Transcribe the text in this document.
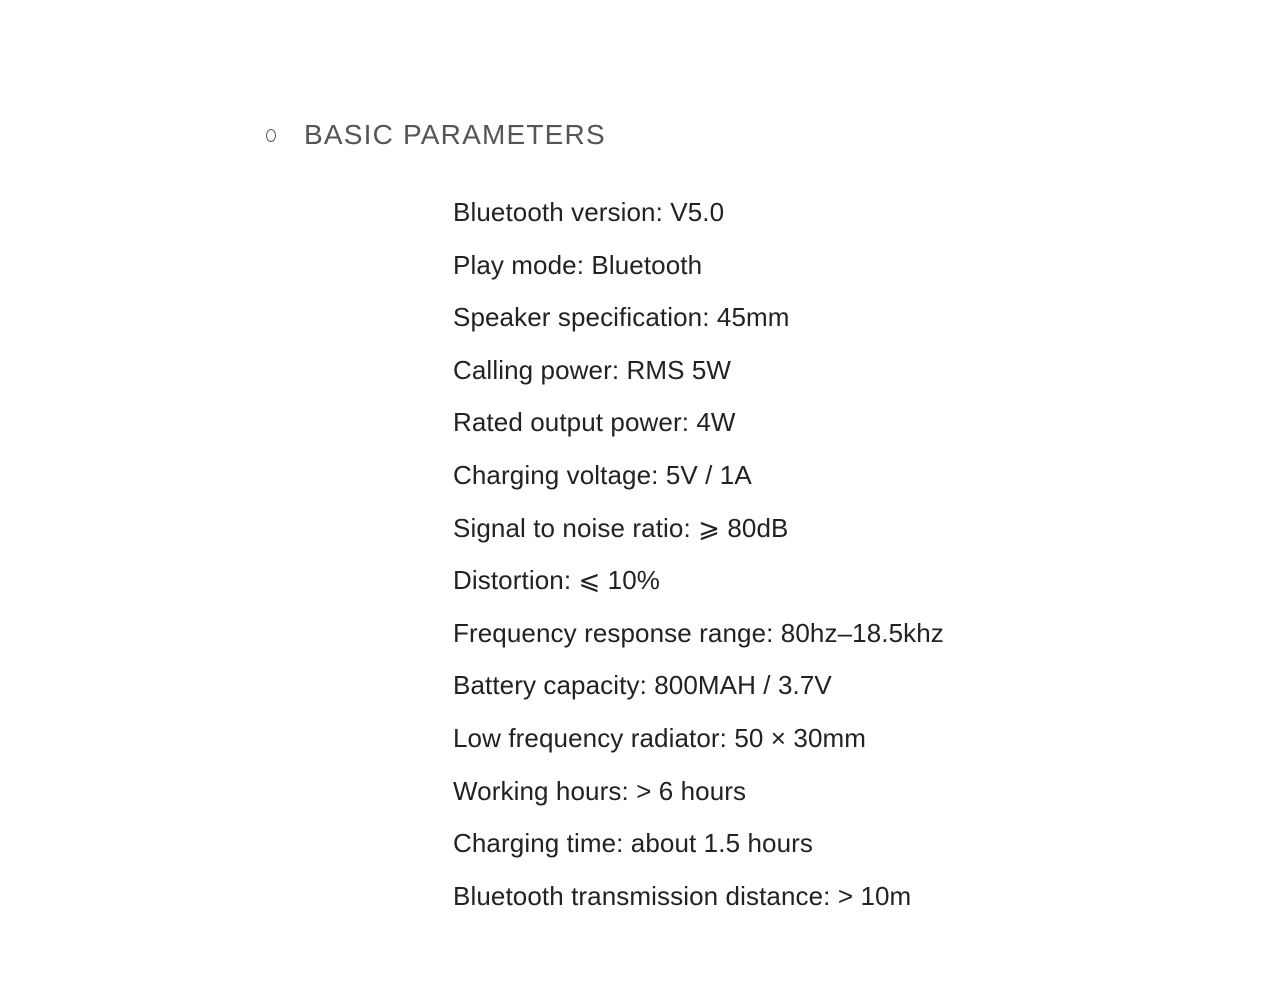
BASIC PARAMETERS
Bluetooth version: V5.0
Play mode: Bluetooth
Speaker specification: 45mm
Calling power: RMS 5W
Rated output power: 4W
Charging voltage: 5V / 1A
Signal to noise ratio: ⩾ 80dB
Distortion: ⩽ 10%
Frequency response range: 80hz–18.5khz
Battery capacity: 800MAH / 3.7V
Low frequency radiator: 50 × 30mm
Working hours: > 6 hours
Charging time: about 1.5 hours
Bluetooth transmission distance: > 10m
